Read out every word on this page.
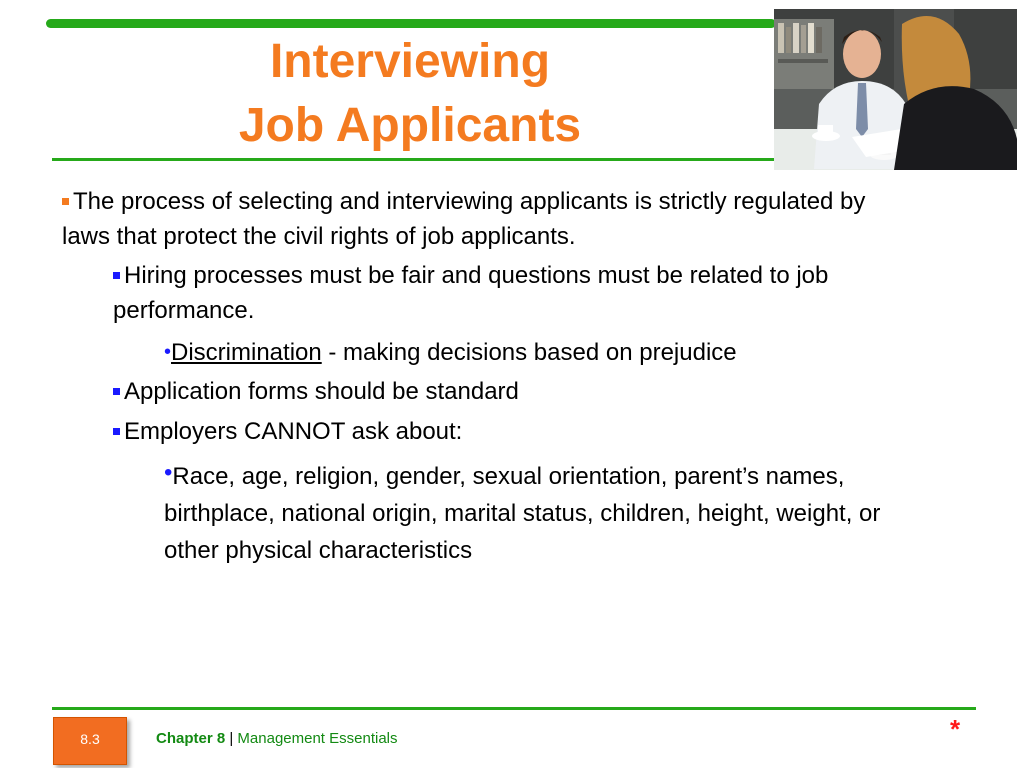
Interviewing
Job Applicants

The process of selecting and interviewing applicants is strictly regulated by laws that protect the civil rights of job applicants.

Hiring processes must be fair and questions must be related to job performance.

•Discrimination - making decisions based on prejudice

Application forms should be standard

Employers CANNOT ask about:

•Race, age, religion, gender, sexual orientation, parent’s names, birthplace, national origin, marital status, children, height, weight, or other physical characteristics

8.3	Chapter 8 | Management Essentials	*
